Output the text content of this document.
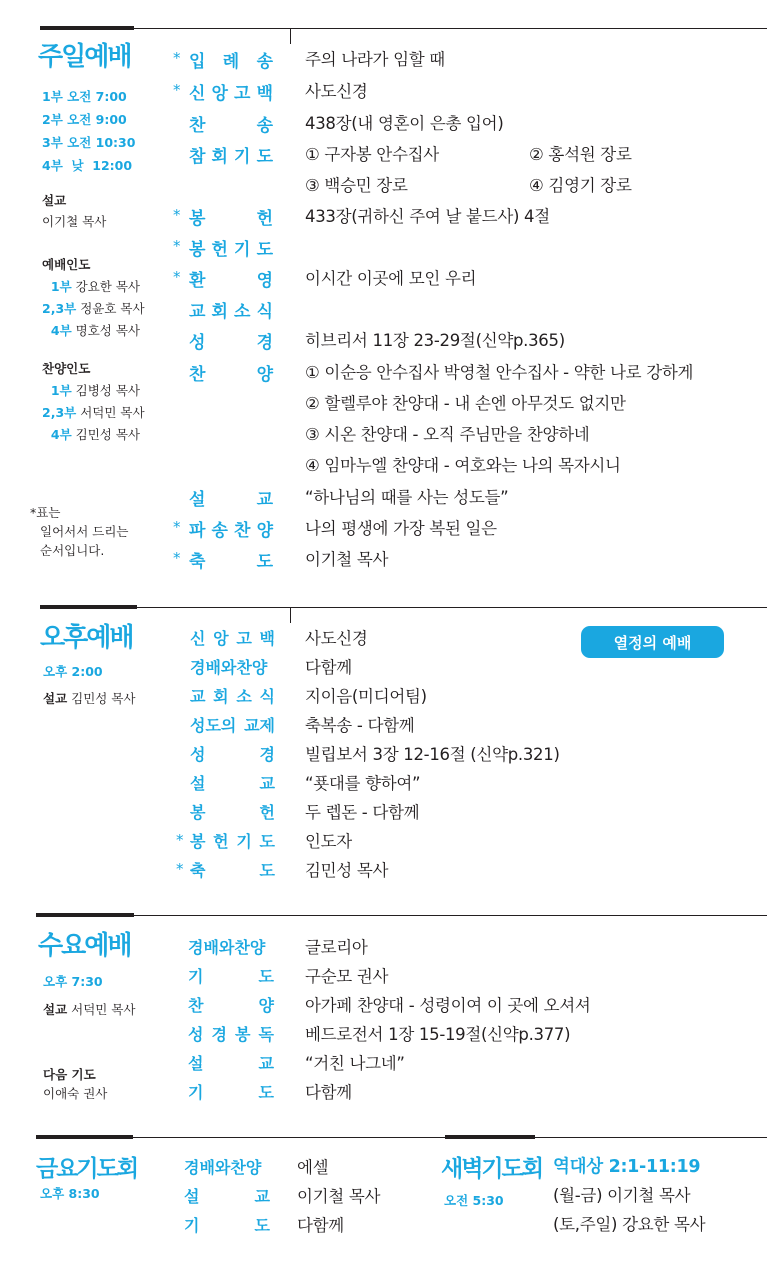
주일예배
1부 오전 7:00
2부 오전 9:00
3부 오전 10:30
4부  낮  12:00
설교
이기철 목사
예배인도
1부 강요한 목사
2,3부 정윤호 목사
4부 명호성 목사
찬양인도
1부 김병성 목사
2,3부 서덕민 목사
4부 김민성 목사
*표는
일어서서 드리는
순서입니다.
* 입  례  송 주의 나라가 임할 때
* 신 앙 고 백 사도신경
찬       송 438장(내 영혼이 은총 입어)
참 회 기 도 ① 구자봉 안수집사	② 홍석원 장로
③ 백승민 장로	④ 김영기 장로
* 봉       헌 433장(귀하신 주여 날 붙드사) 4절
* 봉 헌 기 도
* 환       영 이시간 이곳에 모인 우리
교 회 소 식
성       경 히브리서 11장 23-29절(신약p.365)
찬       양 ① 이순응 안수집사 박영철 안수집사 - 약한 나로 강하게
② 할렐루야 찬양대 - 내 손엔 아무것도 없지만
③ 시온 찬양대 - 오직 주님만을 찬양하네
④ 임마누엘 찬양대 - 여호와는 나의 목자시니
설       교 “하나님의 때를 사는 성도들”
* 파 송 찬 양 나의 평생에 가장 복된 일은
* 축       도 이기철 목사
오후예배
오후 2:00
설교 김민성 목사
열정의 예배
신 앙 고 백 사도신경
경배와찬양	다함께
교 회 소 식 지이음(미디어팀)
성도의 교제 축복송 - 다함께
성       경 빌립보서 3장 12-16절 (신약p.321)
설       교 “푯대를 향하여”
봉       헌 두 렙돈 - 다함께
* 봉 헌 기 도 인도자
* 축       도 김민성 목사
수요예배
오후 7:30
설교 서덕민 목사
다음 기도
이애숙 권사
경배와찬양	글로리아
기       도 구순모 권사
찬       양 아가페 찬양대 - 성령이여 이 곳에 오셔셔
성 경 봉 독 베드로전서 1장 15-19절(신약p.377)
설       교 “거친 나그네”
기       도 다함께
금요기도회
오후 8:30
경배와찬양	에셀
설       교 이기철 목사
기       도 다함께
새벽기도회
오전 5:30
역대상 2:1-11:19
(월-금) 이기철 목사
(토,주일) 강요한 목사
